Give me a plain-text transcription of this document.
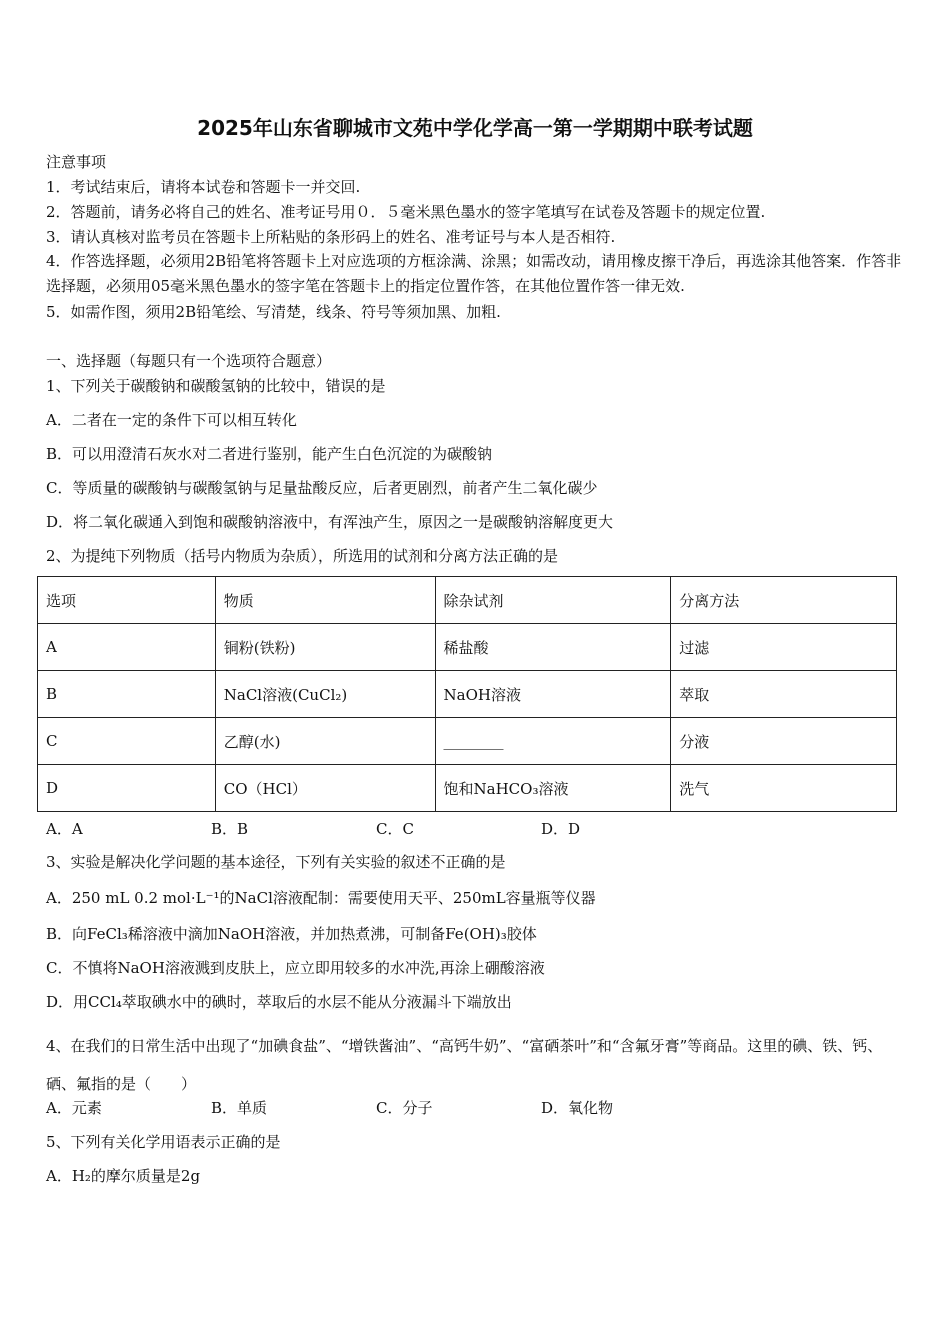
2025年山东省聊城市文苑中学化学高一第一学期期中联考试题
注意事项
1．考试结束后，请将本试卷和答题卡一并交回.
2．答题前，请务必将自己的姓名、准考证号用０．５毫米黑色墨水的签字笔填写在试卷及答题卡的规定位置.
3．请认真核对监考员在答题卡上所粘贴的条形码上的姓名、准考证号与本人是否相符.
4．作答选择题，必须用2B铅笔将答题卡上对应选项的方框涂满、涂黑；如需改动，请用橡皮擦干净后，再选涂其他答案．作答非选择题，必须用05毫米黑色墨水的签字笔在答题卡上的指定位置作答，在其他位置作答一律无效.
5．如需作图，须用2B铅笔绘、写清楚，线条、符号等须加黑、加粗.
一、选择题（每题只有一个选项符合题意）
1、下列关于碳酸钠和碳酸氢钠的比较中，错误的是
A．二者在一定的条件下可以相互转化
B．可以用澄清石灰水对二者进行鉴别，能产生白色沉淀的为碳酸钠
C．等质量的碳酸钠与碳酸氢钠与足量盐酸反应，后者更剧烈，前者产生二氧化碳少
D．将二氧化碳通入到饱和碳酸钠溶液中，有浑浊产生，原因之一是碳酸钠溶解度更大
2、为提纯下列物质（括号内物质为杂质），所选用的试剂和分离方法正确的是
选项	物质	除杂试剂	分离方法
A	铜粉(铁粉)	稀盐酸	过滤
B	NaCl溶液(CuCl₂)	NaOH溶液	萃取
C	乙醇(水)	________	分液
D	CO（HCl）	饱和NaHCO₃溶液	洗气
A．A	B．B	C．C	D．D
3、实验是解决化学问题的基本途径，下列有关实验的叙述不正确的是
A．250 mL 0.2 mol·L⁻¹的NaCl溶液配制：需要使用天平、250mL容量瓶等仪器
B．向FeCl₃稀溶液中滴加NaOH溶液，并加热煮沸，可制备Fe(OH)₃胶体
C．不慎将NaOH溶液溅到皮肤上，应立即用较多的水冲洗,再涂上硼酸溶液
D．用CCl₄萃取碘水中的碘时，萃取后的水层不能从分液漏斗下端放出
4、在我们的日常生活中出现了“加碘食盐”、“增铁酱油”、“高钙牛奶”、“富硒茶叶”和“含氟牙膏”等商品。这里的碘、铁、钙、硒、氟指的是（　　）
A．元素	B．单质	C．分子	D．氧化物
5、下列有关化学用语表示正确的是
A．H₂的摩尔质量是2g
